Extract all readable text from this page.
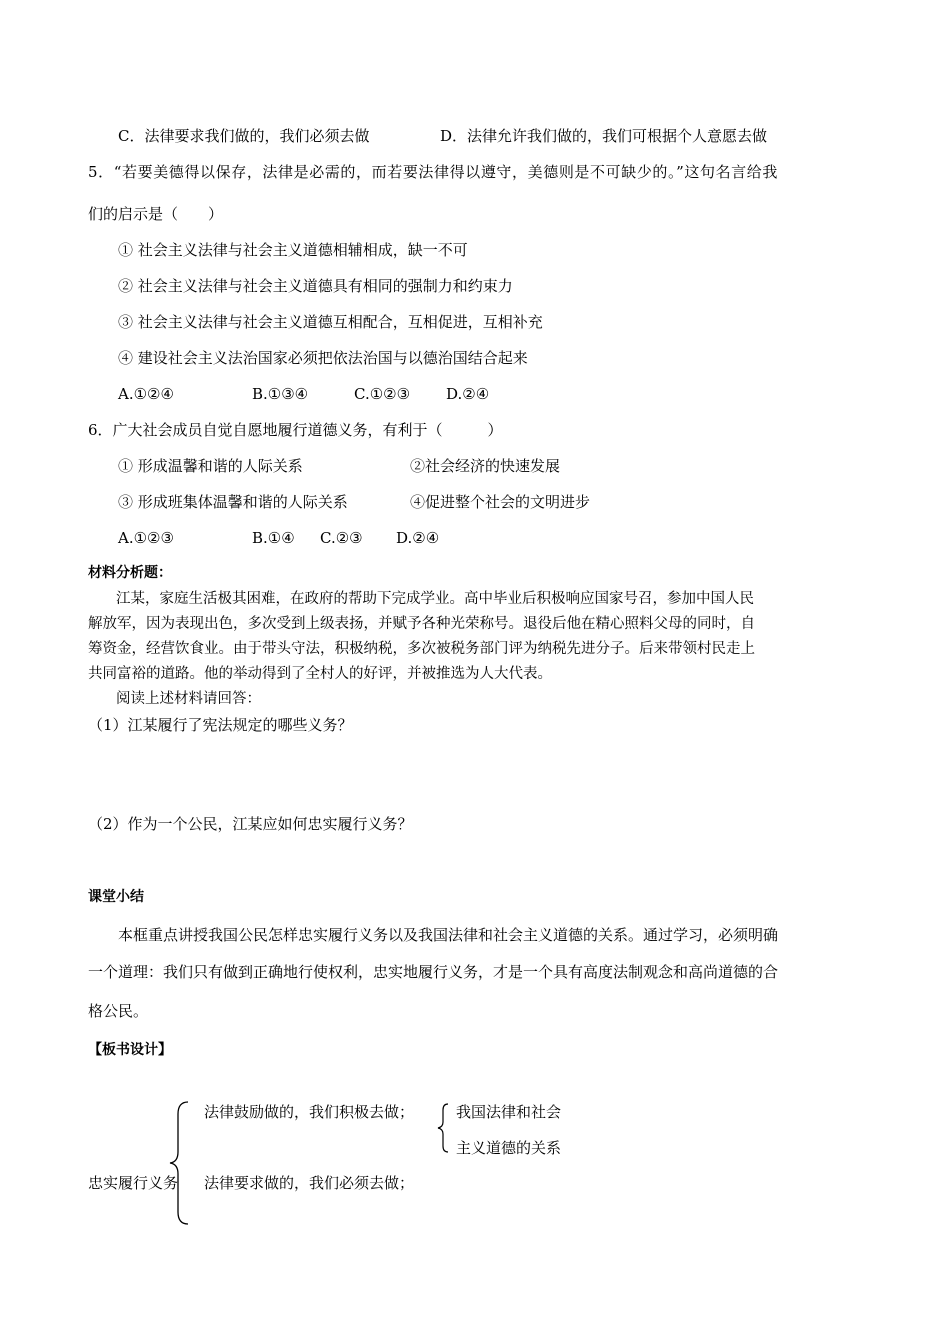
C．法律要求我们做的，我们必须去做	D．法律允许我们做的，我们可根据个人意愿去做
5．“若要美德得以保存，法律是必需的，而若要法律得以遵守，美德则是不可缺少的。”这句名言给我
们的启示是（　　）
① 社会主义法律与社会主义道德相辅相成，缺一不可
② 社会主义法律与社会主义道德具有相同的强制力和约束力
③ 社会主义法律与社会主义道德互相配合，互相促进，互相补充
④ 建设社会主义法治国家必须把依法治国与以德治国结合起来
A.①②④	B.①③④	C.①②③ D.②④
6．广大社会成员自觉自愿地履行道德义务，有利于（　　　）
① 形成温馨和谐的人际关系	②社会经济的快速发展
③ 形成班集体温馨和谐的人际关系	④促进整个社会的文明进步
A.①②③	B.①④ C.②③ D.②④
材料分析题：
江某，家庭生活极其困难，在政府的帮助下完成学业。高中毕业后积极响应国家号召，参加中国人民
解放军，因为表现出色，多次受到上级表扬，并赋予各种光荣称号。退役后他在精心照料父母的同时，自
筹资金，经营饮食业。由于带头守法，积极纳税，多次被税务部门评为纳税先进分子。后来带领村民走上
共同富裕的道路。他的举动得到了全村人的好评，并被推选为人大代表。
阅读上述材料请回答：
（1）江某履行了宪法规定的哪些义务？
（2）作为一个公民，江某应如何忠实履行义务？
课堂小结
本框重点讲授我国公民怎样忠实履行义务以及我国法律和社会主义道德的关系。通过学习，必须明确
一个道理：我们只有做到正确地行使权利，忠实地履行义务，才是一个具有高度法制观念和高尚道德的合
格公民。
【板书设计】
忠实履行义务
法律鼓励做的，我们积极去做；
法律要求做的，我们必须去做；
我国法律和社会
主义道德的关系
